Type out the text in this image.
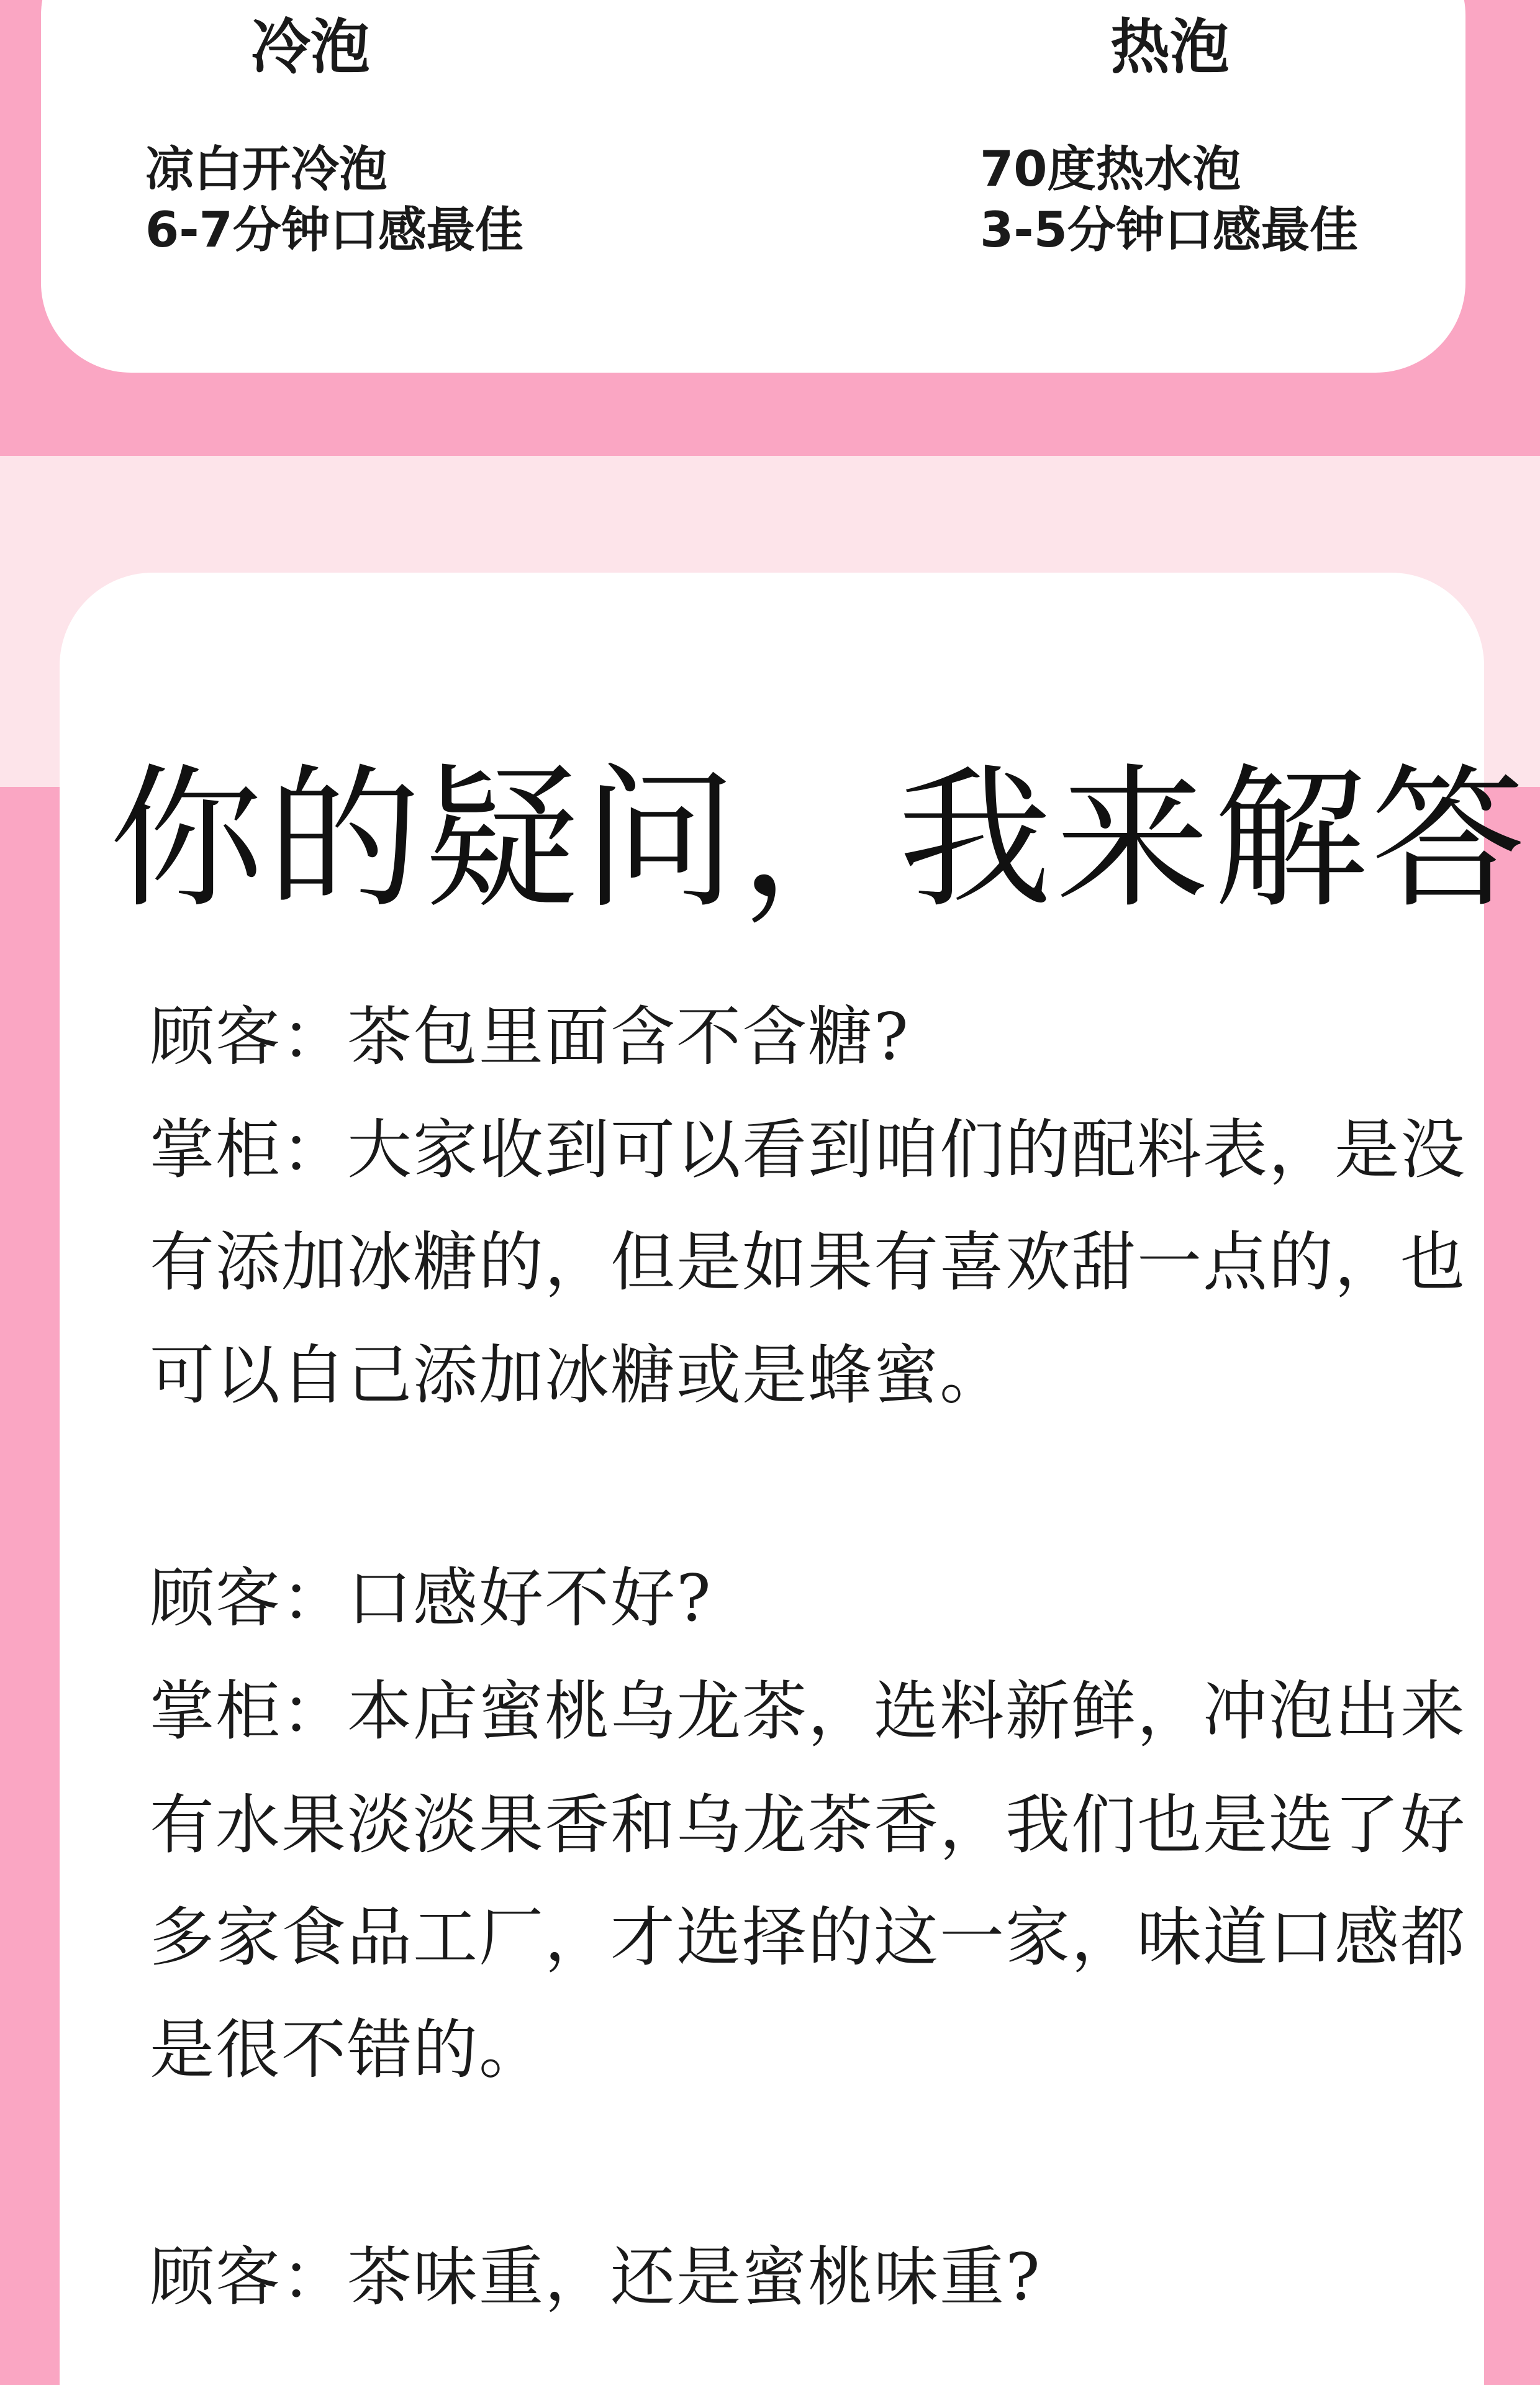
冷泡
凉白开冷泡
6-7分钟口感最佳
热泡
70度热水泡
3-5分钟口感最佳
你的疑问，我来解答
顾客：茶包里面含不含糖?
掌柜：大家收到可以看到咱们的配料表，是没
有添加冰糖的，但是如果有喜欢甜一点的，也
可以自己添加冰糖或是蜂蜜。
顾客：口感好不好?
掌柜：本店蜜桃乌龙茶，选料新鲜，冲泡出来
有水果淡淡果香和乌龙茶香，我们也是选了好
多家食品工厂，才选择的这一家，味道口感都
是很不错的。
顾客：茶味重，还是蜜桃味重?
